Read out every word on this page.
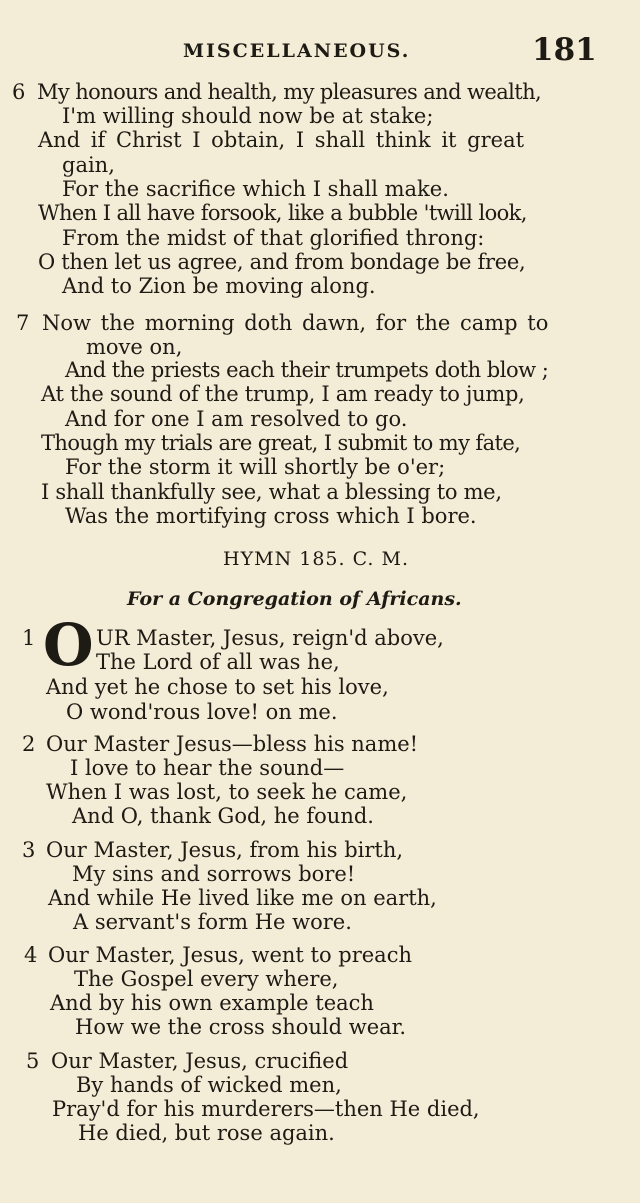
MISCELLANEOUS.	181
6 My honours and health, my pleasures and wealth,
I'm willing should now be at stake;
And if Christ I obtain, I shall think it great
gain,
For the sacrifice which I shall make.
When I all have forsook, like a bubble 'twill look,
From the midst of that glorified throng:
O then let us agree, and from bondage be free,
And to Zion be moving along.
7 Now the morning doth dawn, for the camp to
move on,
And the priests each their trumpets doth blow ;
At the sound of the trump, I am ready to jump,
And for one I am resolved to go.
Though my trials are great, I submit to my fate,
For the storm it will shortly be o'er;
I shall thankfully see, what a blessing to me,
Was the mortifying cross which I bore.
HYMN 185. C. M.
For a Congregation of Africans.
1 O UR Master, Jesus, reign'd above,
The Lord of all was he,
And yet he chose to set his love,
O wond'rous love! on me.
2 Our Master Jesus—bless his name!
I love to hear the sound—
When I was lost, to seek he came,
And O, thank God, he found.
3 Our Master, Jesus, from his birth,
My sins and sorrows bore!
And while He lived like me on earth,
A servant's form He wore.
4 Our Master, Jesus, went to preach
The Gospel every where,
And by his own example teach
How we the cross should wear.
5 Our Master, Jesus, crucified
By hands of wicked men,
Pray'd for his murderers—then He died,
He died, but rose again.
